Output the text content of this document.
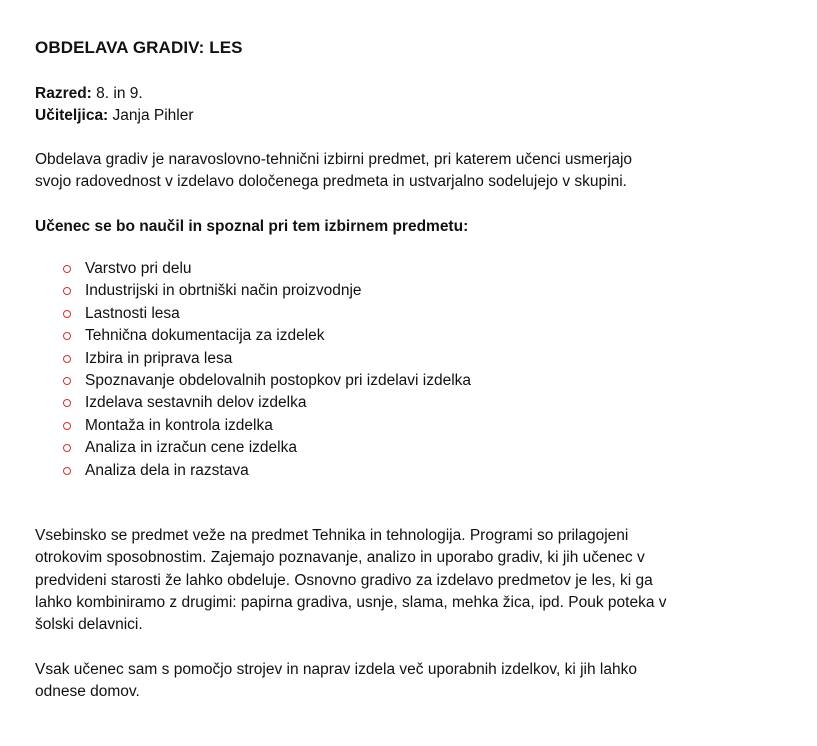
OBDELAVA GRADIV: LES
Razred: 8. in 9.
Učiteljica: Janja Pihler
Obdelava gradiv je naravoslovno-tehnični izbirni predmet, pri katerem učenci usmerjajo
svojo radovednost v izdelavo določenega predmeta in ustvarjalno sodelujejo v skupini.
Učenec se bo naučil in spoznal pri tem izbirnem predmetu:
Varstvo pri delu
Industrijski in obrtniški način proizvodnje
Lastnosti lesa
Tehnična dokumentacija za izdelek
Izbira in priprava lesa
Spoznavanje obdelovalnih postopkov pri izdelavi izdelka
Izdelava sestavnih delov izdelka
Montaža in kontrola izdelka
Analiza in izračun cene izdelka
Analiza dela in razstava
Vsebinsko se predmet veže na predmet Tehnika in tehnologija. Programi so prilagojeni
otrokovim sposobnostim. Zajemajo poznavanje, analizo in uporabo gradiv, ki jih učenec v
predvideni starosti že lahko obdeluje. Osnovno gradivo za izdelavo predmetov je les, ki ga
lahko kombiniramo z drugimi: papirna gradiva, usnje, slama, mehka žica, ipd. Pouk poteka v
šolski delavnici.
Vsak učenec sam s pomočjo strojev in naprav izdela več uporabnih izdelkov, ki jih lahko
odnese domov.
